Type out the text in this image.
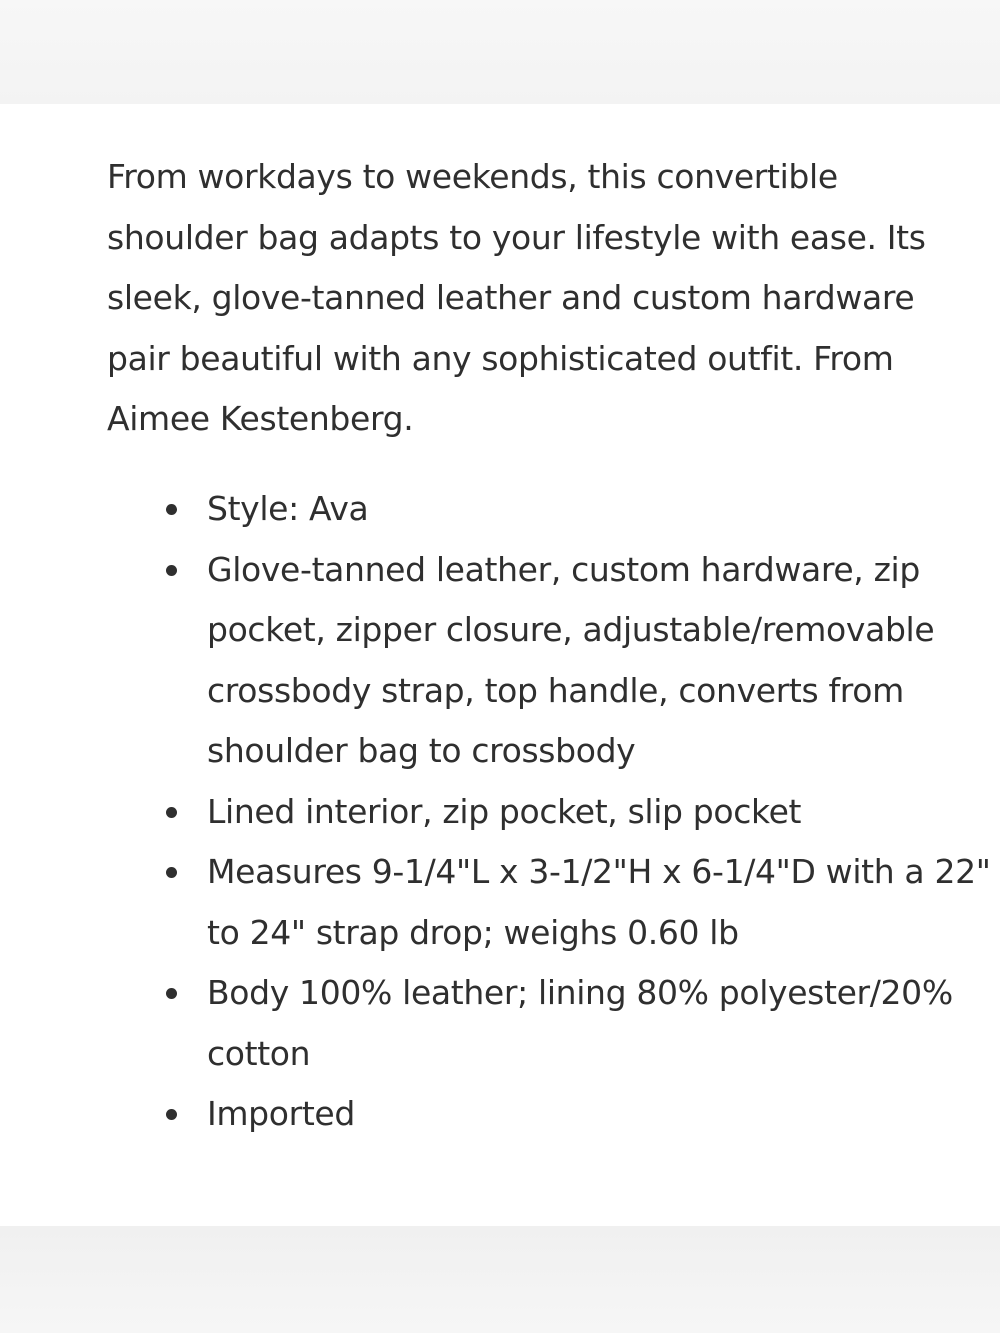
From workdays to weekends, this convertible shoulder bag adapts to your lifestyle with ease. Its sleek, glove-tanned leather and custom hardware pair beautiful with any sophisticated outfit. From Aimee Kestenberg.

Style: Ava
Glove-tanned leather, custom hardware, zip pocket, zipper closure, adjustable/removable crossbody strap, top handle, converts from shoulder bag to crossbody
Lined interior, zip pocket, slip pocket
Measures 9-1/4"L x 3-1/2"H x 6-1/4"D with a 22" to 24" strap drop; weighs 0.60 lb
Body 100% leather; lining 80% polyester/20% cotton
Imported
